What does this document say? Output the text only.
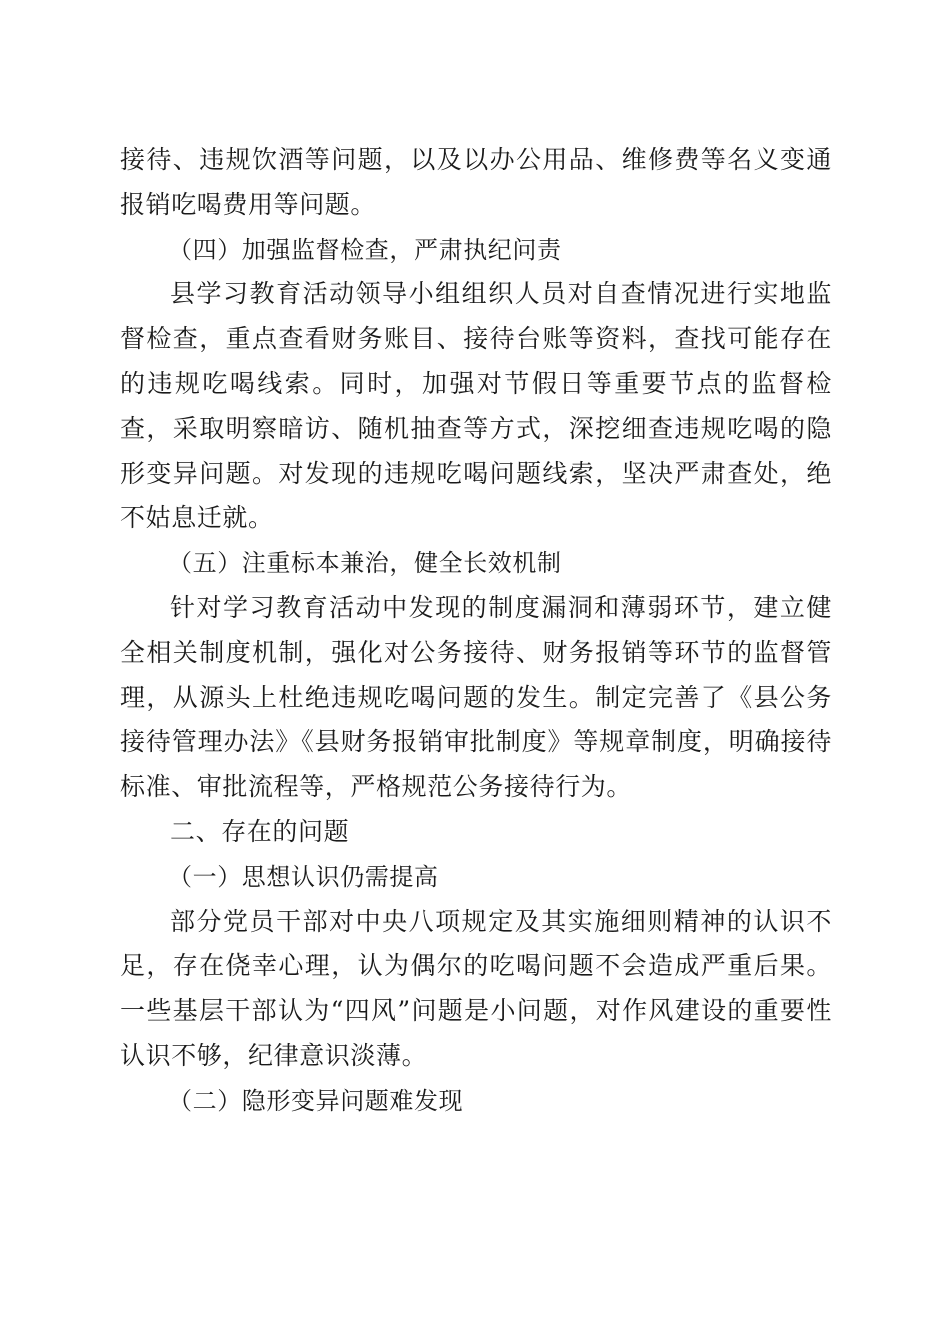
接待、违规饮酒等问题，以及以办公用品、维修费等名义变通报销吃喝费用等问题。

（四）加强监督检查，严肃执纪问责

县学习教育活动领导小组组织人员对自查情况进行实地监督检查，重点查看财务账目、接待台账等资料，查找可能存在的违规吃喝线索。同时，加强对节假日等重要节点的监督检查，采取明察暗访、随机抽查等方式，深挖细查违规吃喝的隐形变异问题。对发现的违规吃喝问题线索，坚决严肃查处，绝不姑息迁就。

（五）注重标本兼治，健全长效机制

针对学习教育活动中发现的制度漏洞和薄弱环节，建立健全相关制度机制，强化对公务接待、财务报销等环节的监督管理，从源头上杜绝违规吃喝问题的发生。制定完善了《县公务接待管理办法》《县财务报销审批制度》等规章制度，明确接待标准、审批流程等，严格规范公务接待行为。

二、存在的问题

（一）思想认识仍需提高

部分党员干部对中央八项规定及其实施细则精神的认识不足，存在侥幸心理，认为偶尔的吃喝问题不会造成严重后果。一些基层干部认为“四风”问题是小问题，对作风建设的重要性认识不够，纪律意识淡薄。

（二）隐形变异问题难发现
